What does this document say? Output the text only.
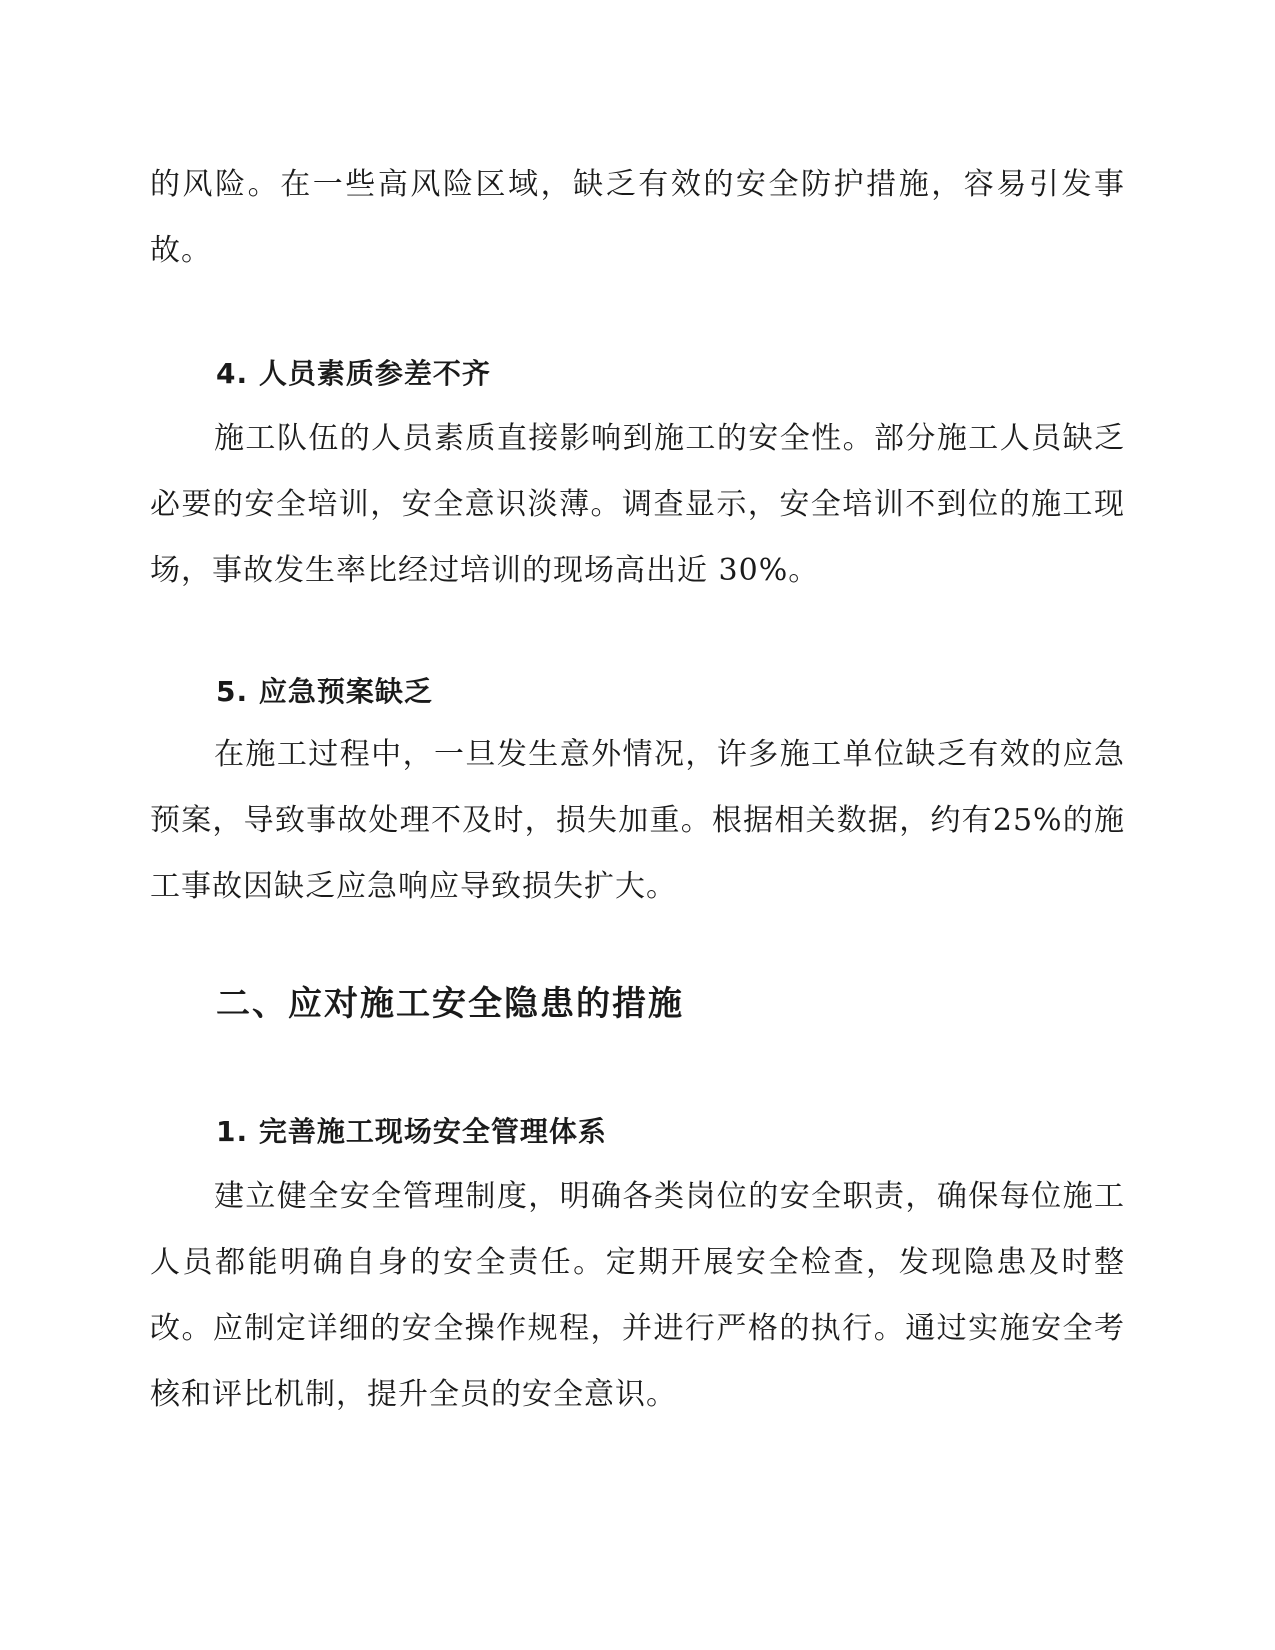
的风险。在一些高风险区域，缺乏有效的安全防护措施，容易引发事故。

4. 人员素质参差不齐

施工队伍的人员素质直接影响到施工的安全性。部分施工人员缺乏必要的安全培训，安全意识淡薄。调查显示，安全培训不到位的施工现场，事故发生率比经过培训的现场高出近 30%。

5. 应急预案缺乏

在施工过程中，一旦发生意外情况，许多施工单位缺乏有效的应急预案，导致事故处理不及时，损失加重。根据相关数据，约有25%的施工事故因缺乏应急响应导致损失扩大。

二、应对施工安全隐患的措施
1. 完善施工现场安全管理体系

建立健全安全管理制度，明确各类岗位的安全职责，确保每位施工人员都能明确自身的安全责任。定期开展安全检查，发现隐患及时整改。应制定详细的安全操作规程，并进行严格的执行。通过实施安全考核和评比机制，提升全员的安全意识。
